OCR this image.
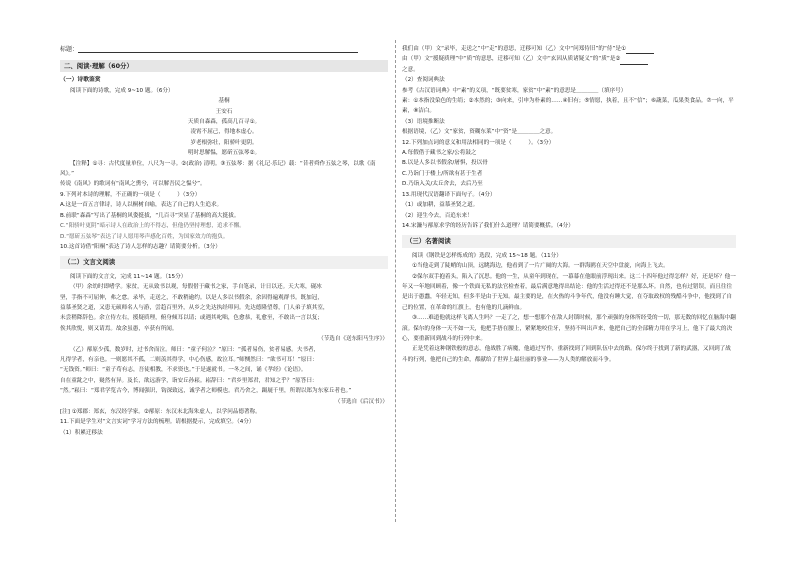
标题：
二、阅读·理解（60分）

（一）诗歌鉴赏

阅读下面的诗歌，完成 9~10 题。（6分）

基桐

王安石

天质自森森，孤高几百寻①。

凌霄不屈己，得地本虚心。

岁老根弥壮，阳骄叶更阴。

明时思解愠，愿斫五弦琴②。

【注释】①寻：古代度量单位，八尺为一寻。②(政治) 清明。③五弦琴：据《礼记·乐记》载：“昔者舜作五弦之琴，以歌《南风》。”

传说《南风》的歌词有“南风之熏兮，可以解吾民之愠兮”。

9.下列对本诗的理解，不正确的一项是（　　　）（3分）

A.这是一首五言律诗，诗人以桐树自喻，表达了自己的人生追求。

B.前联“森森”写出了基桐的风姿挺拔，“几百寻”突显了基桐的高大挺拔。

C.“阳骄叶更阴”暗示诗人在政治上的不得志，但他仍坚持理想，追求不懈。

D.“愿斫五弦琴”表达了诗人愿用琴声感化百姓，为国家效力的抱负。

10.这首诗借“阳桐”表达了诗人怎样的志趣？请简要分析。（3分）

（二）文言文阅读

阅读下面的文言文，完成 11~14 题。（15分）

（甲）余幼时即嗜学。家贫，无从致书以观，每假借于藏书之家，手自笔录，计日以还。天大寒，砚冰

坚，手指不可屈伸，弗之怠。录毕，走送之，不敢稍逾约。以是人多以书假余，余因得遍观群书。既加冠，

益慕圣贤之道，又患无硕师名人与游，尝趋百里外，从乡之先达执经叩问。先达德隆望尊，门人弟子填其室，

未尝稍降辞色。余立侍左右，援疑质理，俯身倾耳以请；或遇其叱咄，色愈恭，礼愈至，不敢出一言以复；

俟其欣悦，则又请焉。故余虽愚，卒获有所闻。

（节选自《送东阳马生序》）

（乙）邴原少孤，数岁时，过书舍而泣。师曰：“童子何泣？”原曰：“孤者易伤，贫者易感。夫书者，

凡得学者，有亲也。一则愿其不孤，二则羡其得学，中心伤感，故泣耳。”师恻然曰：“欲书可耳！”原曰：

“无钱资。”师曰：“童子苟有志，吾徒相教，不求资也。”于是遂就书。一冬之间，诵《孝经》《论语》。

自在童龀之中，嶷然有异。及长，欲远游学，诣安丘孙崧。崧辞曰：“君乡里郑君，君知之乎？”原答曰：

“然。”崧曰：“郑君学览古今，博闻强识，钩深致远，诚学者之师模也。君乃舍之，蹑屣千里，所谓以郑为东家丘者也。”

（节选自《后汉书》）

[注] ①郑郡：郑玄，东汉经学家。②邴原：东汉末北海朱虚人，以学问品德著称。

11.下面是学生对“文言实词”学习方法的梳理。请根据提示，完成填空。（4分）

（1）积累迁移法

我们由（甲）文“录毕，走送之”中“走”的意思，迁移可知（乙）文中“问郑侍旧”的“侍”是①

由（甲）文“援疑质理”中“质”的意思，迁移可知（乙）文中“玄因从质诸疑义”的“质”是②

之意。

（2）查阅词典法

参考《古汉语词典》中“素”的义项，“既要贫寒，家贫”中“素”的意思是＿＿＿＿（填序号）

素：①本指没染色的生绢；②本然的；③向来，引申为朴素的……④旧有；⑤情愿，执着，且不“信”；⑥蔬菜，瓜果类食品。⑦一向，平素，⑧洁白。

（3）语境推断法

根据语境，（乙）文“家贫，资糊东莱”中“资”是＿＿＿＿之意。

12.下列加点词的意义和用法相同的一项是（　　　）。（3分）

A.每假借于藏书之家/公将鼓之

B.以是人多以书假余/屠惧，投以骨

C.乃诣门于楼上/所欲有甚于生者

D.乃诣入关/太丘舍去，去后乃至

13.用现代汉语翻译下面句子。（4分）

（1）或加耕，益慕圣贤之道。

（2）迎生今去，百追东来！

14.宋濂与邴原求学的经历告诉了我们什么道理？请简要概括。（4分）

（三）名著阅读

阅读《钢铁是怎样炼成的》选段，完成 15~18 题。（11分）

①当他走到了陡峭的山顶，远眺海边，他看到了一片广阔的大海。一群海鸥在天空中盘旋，向海上飞去。

②保尔双手抱着头，陷入了沉思。他的一生，从童年到现在，一幕幕在他眼前浮现出来。这二十四年他过得怎样？好，还是坏？他一年又一年地回顾着，像一个铁面无私的法官检查着，最后满意地得出结论：他的生活过得还不是那么坏。自然，也有过错误，而且往往是出于愚蠢，年轻无知，但多半是由于无知。最主要的是，在火热的斗争年代，他没有睡大觉，在夺取政权的残酷斗争中，他找到了自己的位置，在革命的红旗上，也有他的几滴鲜血。

③……难道他就这样飞离人生吗？一走了之，想一想那个在敌人封锁时候，那个顽强的身体所经受的一切，那无数的回忆在脑海中翻滚。保尔的身体一天不如一天，他把手捂在腰上，紧紧地咬住牙，坚持不叫出声来，他把自己的全部精力用在学习上，他下了最大的决心，要重新回到战斗的行列中来。

正是凭着这种钢铁般的意志，他战胜了病魔，他通过写作，重新找到了回到队伍中去的路。保尔终于找到了新的武器，又回到了战斗的行列，他把自己的生命，都献给了世界上最壮丽的事业——为人类的解放而斗争。
